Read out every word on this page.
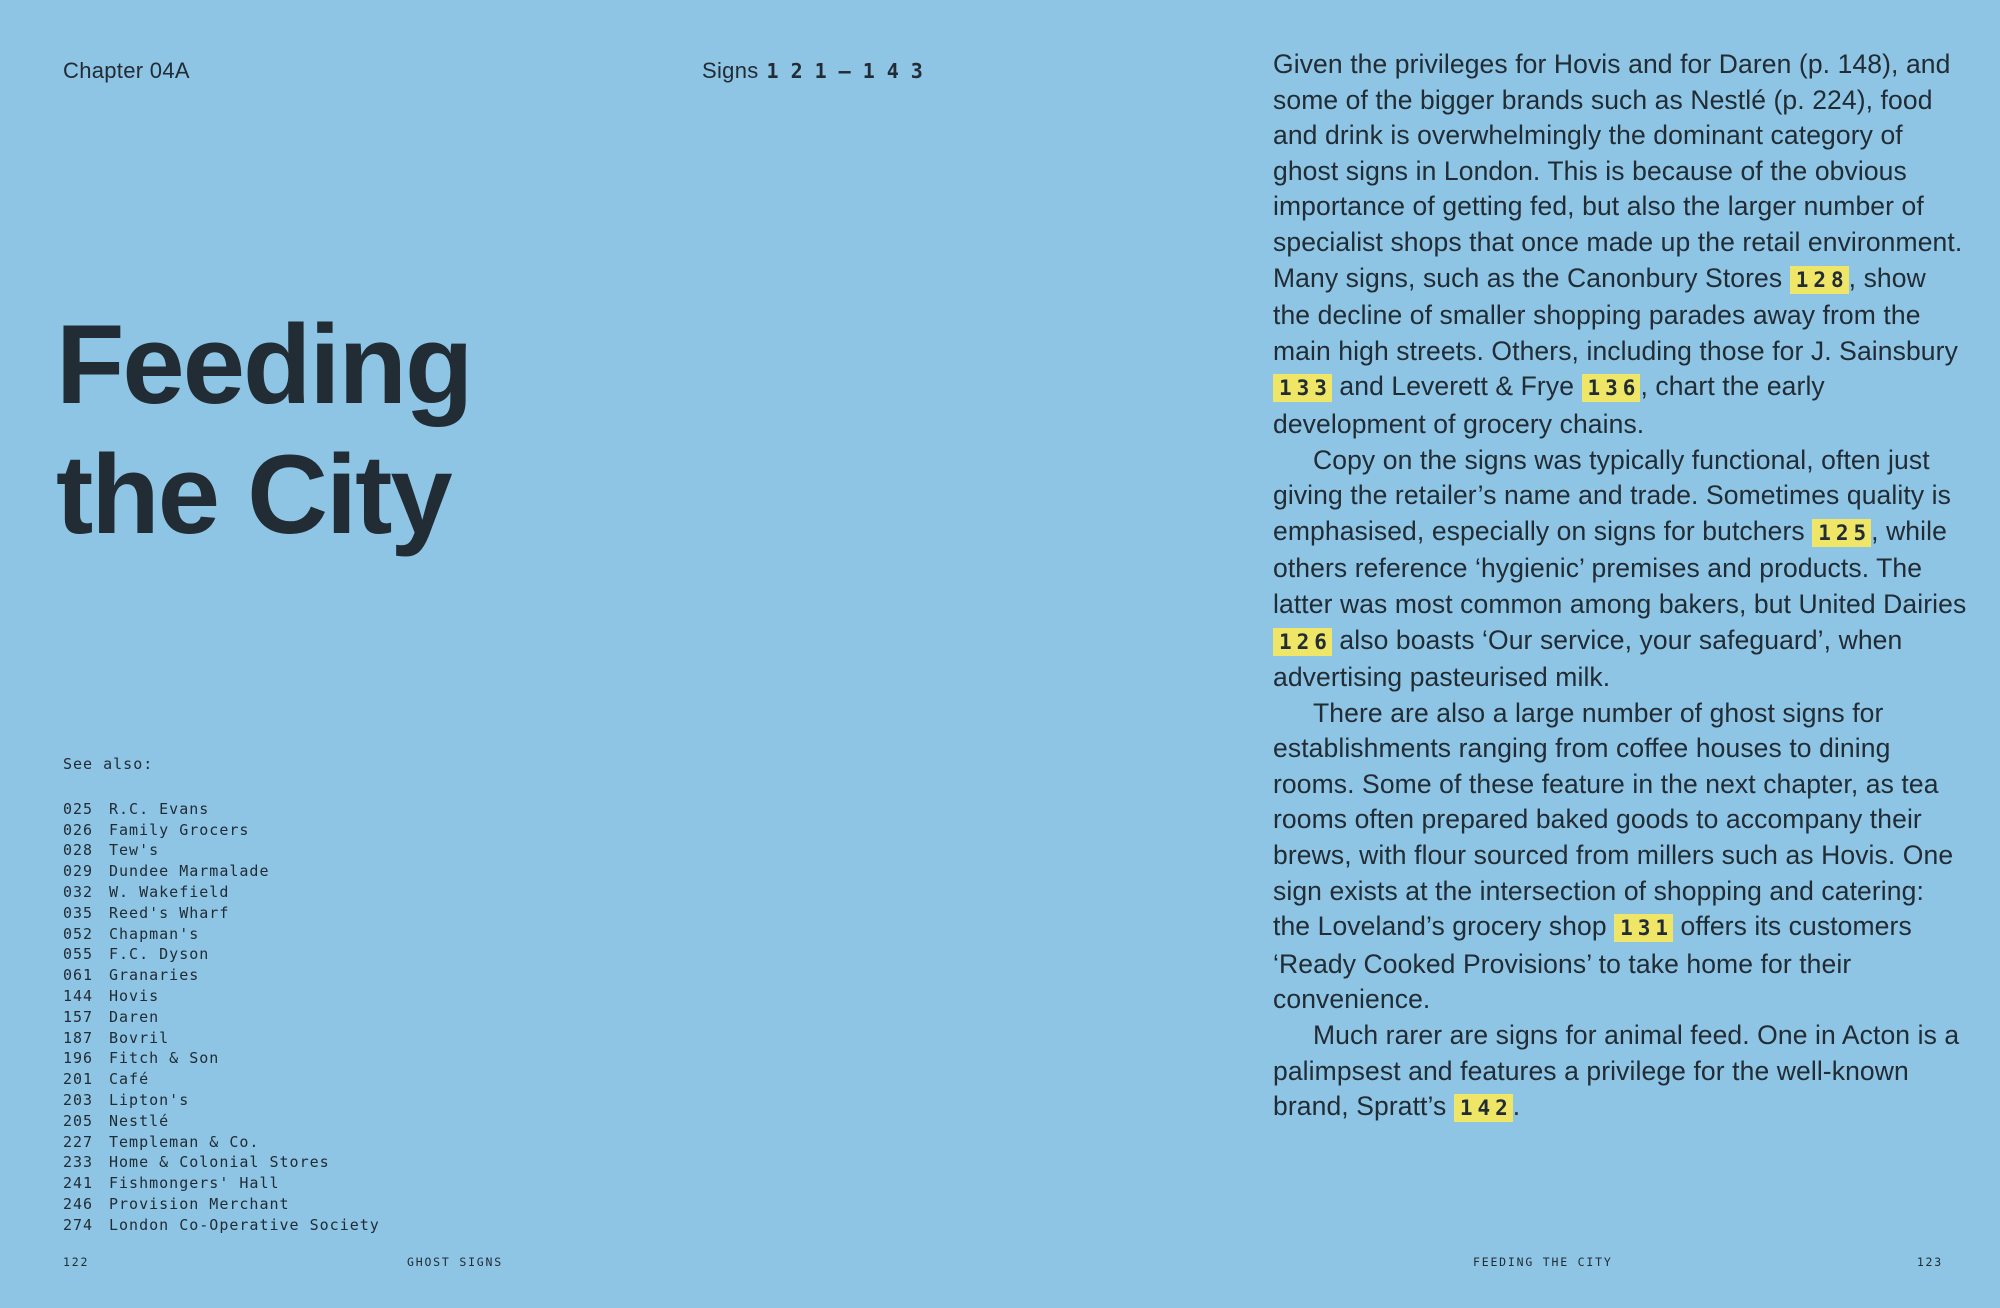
Chapter 04A	Signs 121–143
Feeding
the City
See also:
025 R.C. Evans
026 Family Grocers
028 Tew's
029 Dundee Marmalade
032 W. Wakefield
035 Reed's Wharf
052 Chapman's
055 F.C. Dyson
061 Granaries
144 Hovis
157 Daren
187 Bovril
196 Fitch & Son
201 Café
203 Lipton's
205 Nestlé
227 Templeman & Co.
233 Home & Colonial Stores
241 Fishmongers' Hall
246 Provision Merchant
274 London Co-Operative Society

Given the privileges for Hovis and for Daren (p. 148), and some of the bigger brands such as Nestlé (p. 224), food and drink is overwhelmingly the dominant category of ghost signs in London. This is because of the obvious importance of getting fed, but also the larger number of specialist shops that once made up the retail environment. Many signs, such as the Canonbury Stores 128, show the decline of smaller shopping parades away from the main high streets. Others, including those for J. Sainsbury 133 and Leverett & Frye 136, chart the early development of grocery chains.

Copy on the signs was typically functional, often just giving the retailer’s name and trade. Sometimes quality is emphasised, especially on signs for butchers 125, while others reference ‘hygienic’ premises and products. The latter was most common among bakers, but United Dairies 126 also boasts ‘Our service, your safeguard’, when advertising pasteurised milk.

There are also a large number of ghost signs for establishments ranging from coffee houses to dining rooms. Some of these feature in the next chapter, as tea rooms often prepared baked goods to accompany their brews, with flour sourced from millers such as Hovis. One sign exists at the intersection of shopping and catering: the Loveland’s grocery shop 131 offers its customers ‘Ready Cooked Provisions’ to take home for their convenience.

Much rarer are signs for animal feed. One in Acton is a palimpsest and features a privilege for the well-known brand, Spratt’s 142.

122	GHOST SIGNS	FEEDING THE CITY	123
